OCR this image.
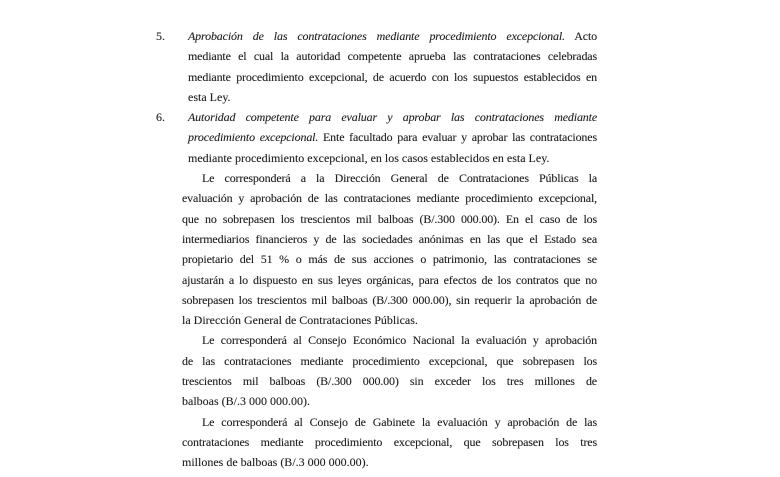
5. Aprobación de las contrataciones mediante procedimiento excepcional. Acto
mediante el cual la autoridad competente aprueba las contrataciones celebradas
mediante procedimiento excepcional, de acuerdo con los supuestos establecidos en
esta Ley.
6. Autoridad competente para evaluar y aprobar las contrataciones mediante
procedimiento excepcional. Ente facultado para evaluar y aprobar las contrataciones
mediante procedimiento excepcional, en los casos establecidos en esta Ley.
Le corresponderá a la Dirección General de Contrataciones Públicas la
evaluación y aprobación de las contrataciones mediante procedimiento excepcional,
que no sobrepasen los trescientos mil balboas (B/.300 000.00). En el caso de los
intermediarios financieros y de las sociedades anónimas en las que el Estado sea
propietario del 51 % o más de sus acciones o patrimonio, las contrataciones se
ajustarán a lo dispuesto en sus leyes orgánicas, para efectos de los contratos que no
sobrepasen los trescientos mil balboas (B/.300 000.00), sin requerir la aprobación de
la Dirección General de Contrataciones Públicas.
Le corresponderá al Consejo Económico Nacional la evaluación y aprobación
de las contrataciones mediante procedimiento excepcional, que sobrepasen los
trescientos mil balboas (B/.300 000.00) sin exceder los tres millones de
balboas (B/.3 000 000.00).
Le corresponderá al Consejo de Gabinete la evaluación y aprobación de las
contrataciones mediante procedimiento excepcional, que sobrepasen los tres
millones de balboas (B/.3 000 000.00).
